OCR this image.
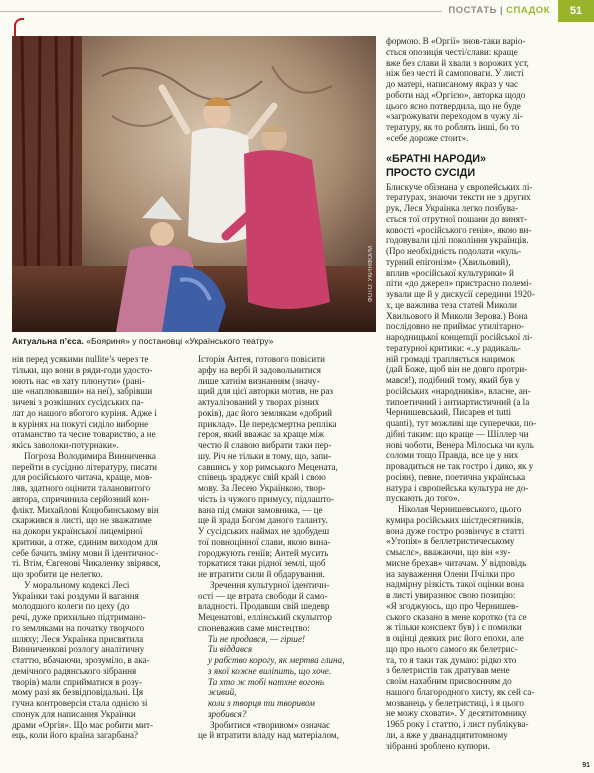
ПОСТАТЬ | СПАДОК	51
ФОТО: УКРІНФОРМ
Актуальна п’єса. «Бояриня» у постановці «Українського театру»
нів перед усякими nullite’s через те
тільки, що вони в ряди-годи удосто-
юють нас «в хату плюнути» (ранi-
ше «наплювавши» на неї), забрівши
зичевi з розкішних сусідських па-
лат до нашого вбогого куріня. Адже і
в курінях на покуті сиділо виборне
отаманство та чесне товариство, а не
якісь заволоки-потурнаки».
Погроза Володимира Винниченка
перейти в сусідню літературу, писати
для російського читача, краще, мов-
ляв, здатного оцінити талановитого
автора, спричинила серйозний кон-
флікт. Михайлові Коцюбинському він
скаржився в листі, що не зважатиме
на докори української лицемірної
критики, а отже, єдиним виходом для
себе бачить зміну мови й ідентичнос-
ті. Втім, Євгенові Чикаленку звірявся,
що зробити це нелегко.
У моральному кодексі Лесі
Українки такі роздуми й вагання
молодшого колеги по цеху (до
речі, дуже прихильно підтримано-
го земляками на початку творчого
шляху; Леся Українка присвятила
Винниченкові розлогу аналітичну
статтю, вбачаючи, зрозуміло, в ака-
демічного радянського зібрання
творів) мали сприйматися в розу-
мому разі як безвідповідальні. Ця
гучна контроверсія стала однією зі
спонук для написання Українки
драми «Оргія». Що має робити мит-
ець, коли його країна загарбана?
Історія Антея, готового повісити
арфу на вербі й задовольнитися
лише хатнім визнанням (значу-
щий для цієї авторки мотив, не раз
актуалізований у творах різних
років), дає його землякам «добрий
приклад». Це передсмертна репліка
героя, який вважає за краще між
честю й славою вибрати таки пер-
шу. Річ не тільки в тому, що, запи-
савшись у хор римського Мецената,
співець зраджує свій край і свою
мову. За Лесею Українкою, твор-
чість із чужого примусу, підлашто-
вана під смаки замовника, — це
ще й зрада Богом даного таланту.
У сусідських наймах не здобудеш
тої повноцінної слави, якою вина-
городжують геніїв; Антей мусить
торкатися таки рідної землі, щоб
не втратити сили й обдарування.
Зречення культурної ідентичн-
ості — це втрата свободи й само-
владності. Продавши свій шедевр
Меценатові, еллінський скульптор
споневажив саме мистецтво:
Ти не продався, — гірше!
Ти віддався
у рабство корогу, як мертва глина,
з якої кожне виліпить, що хоче.
Та хто ж тобі натхне вогонь
живий,
коли з творця ти творивом
зробився?
Зробитися «творивом» означає
це й втратити владу над матеріалом,
формою. В «Оргії» знов-таки варіо-
ється опозиція честі/слави: краще
вже без слави й хвали з ворожих уст,
ніж без честі й самоповаги. У листі
до матері, написаному якраз у час
роботи над «Оргією», авторка щодо
цього ясно потвердила, що не буде
«загрожувати переходом в чужу лі-
тературу, як то роблять інші, бо то
«себе дороже стоит».
«БРАТНІ НАРОДИ»
ПРОСТО СУСІДИ
Блискуче обізнана у європейських лі-
тературах, знаючи тексти не з других
рук, Леся Українка легко позбува-
ється тої отрутної пошани до винят-
ковості «російського генія», якою ви-
годовували цілі покоління українців.
(Про необхідність подолати «куль-
турний епігонізм» (Хвильовий),
вплив «російської культурики» й
піти «до джерел» пристрасно полемі-
зували ще й у дискусії середини 1920-
х, це важлива теза статей Миколи
Хвильового й Миколи Зерова.) Вона
послідовно не приймає утилітарно-
народницької концепції російської лі-
тературної критики: «..у радикаль-
ній громаді трапляється нацимок
(дай Боже, щоб він не довго протри-
мався!), подібний тому, який був у
російських «народників», власне, ан-
типоетичний і антиартистичний (а la
Чернишевський, Писарев et tutti
quanti), тут можливі ще суперечки, по-
дібні таким: що краще — Шіллер чи
нові чоботи, Венера Мілоська чи куль
соломи тощо Правда, все це у них
провадиться не так гостро і дико, як у
росіян), певне, поетична українська
натура і європейська культура не до-
пускають до того».
Ніколая Чернишевського, цього
кумира російських шістдесятників,
вона дуже гостро розвінчує в статті
«Утопія» в беллетристичеському
смыслє», вважаючи, що він «зу-
мисне брехав» читачам. У відповідь
на зауваження Олени Пчілки про
надмірну різкість такої оцінки вона
в листі увиразнює свою позицію:
«Я згоджуюсь, що про Чернишев-
ського сказано в мене коротко (та се
ж тільки конспект був) і є помилки
в оцінці деяких рис його епохи, але
що про нього самого як белетрис-
та, то я таки так думаю: рідко хто
з белетристів так дратував мене
своїм нахабним присвоєнням до
нашого благородного хисту, як сей са-
мозванець у белетристиці, і я цього
не можу сховати». У десятитомнику
1965 року ї статтю, і лист публікува-
ли, а вже у дванадцятитомному
зібранні зроблено купюри.
91
